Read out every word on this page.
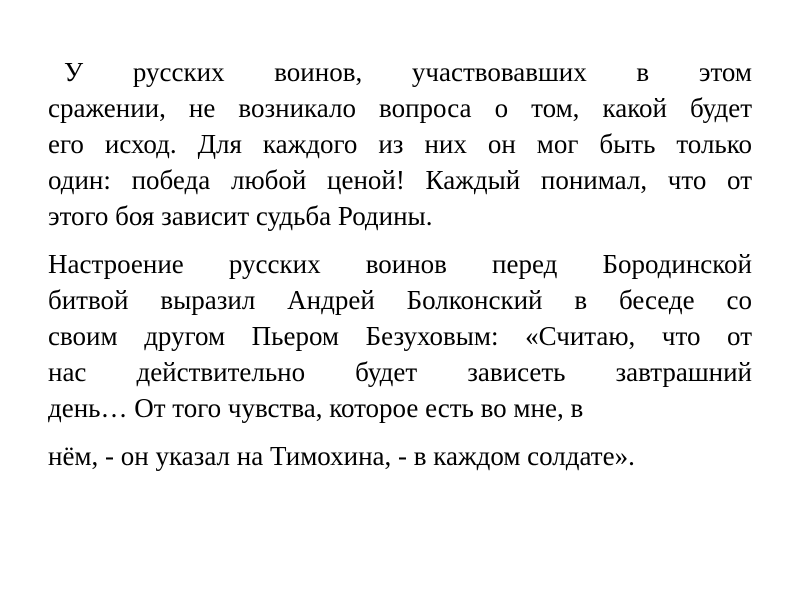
У русских воинов, участвовавших в этом
сражении, не возникало вопроса о том, какой будет
его исход. Для каждого из них он мог быть только
один: победа любой ценой! Каждый понимал, что от
этого боя зависит судьба Родины.
Настроение русских воинов перед Бородинской
битвой выразил Андрей Болконский в беседе со
своим другом Пьером Безуховым: «Считаю, что от
нас действительно будет зависеть завтрашний
день… От того чувства, которое есть во мне, в
нём, - он указал на Тимохина, - в каждом солдате».
